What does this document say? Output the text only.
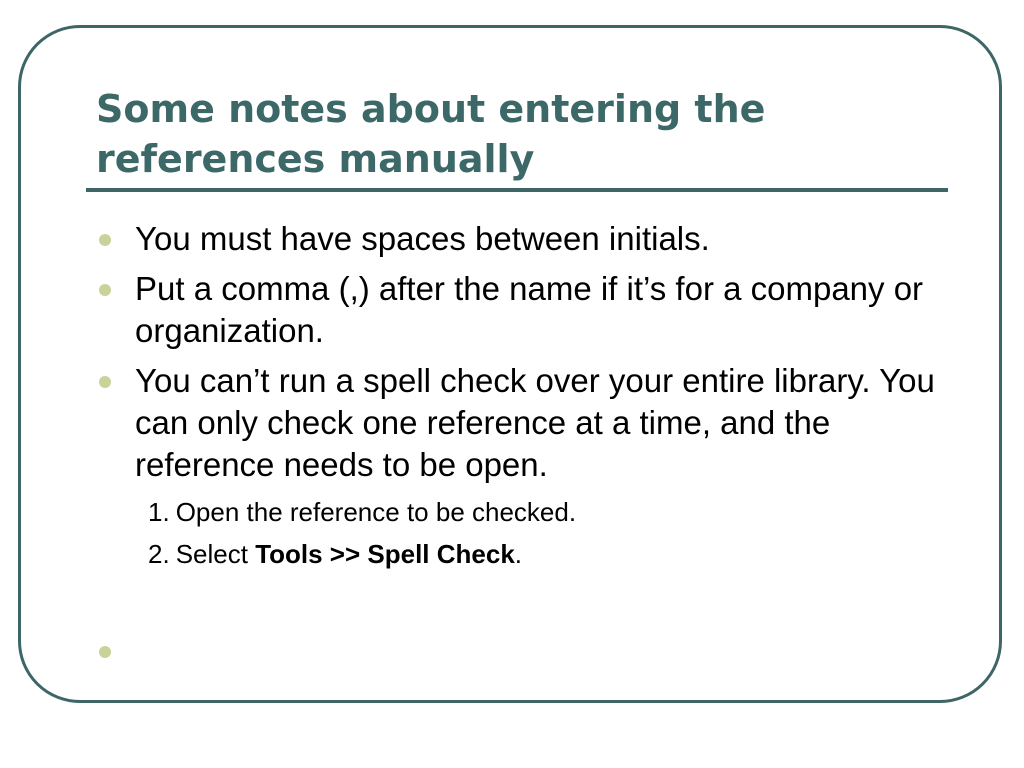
Some notes about entering the references manually
You must have spaces between initials.
Put a comma (,) after the name if it’s for a company or organization.
You can’t run a spell check over your entire library. You can only check one reference at a time, and the reference needs to be open.
1. Open the reference to be checked.
2. Select Tools >> Spell Check.
